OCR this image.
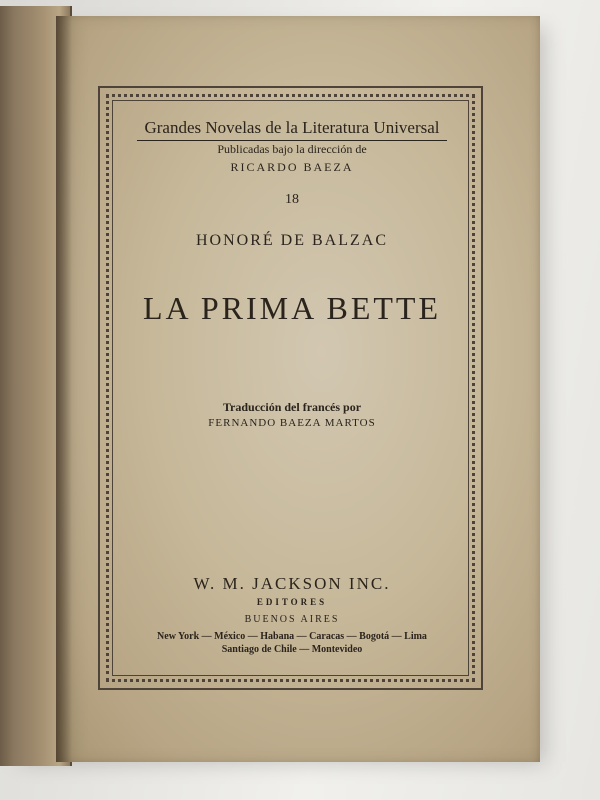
Grandes Novelas de la Literatura Universal
Publicadas bajo la dirección de
RICARDO BAEZA
18
HONORÉ DE BALZAC
LA PRIMA BETTE
Traducción del francés por
FERNANDO BAEZA MARTOS
W. M. JACKSON INC.
EDITORES
BUENOS AIRES
New York — México — Habana — Caracas — Bogotá — Lima
Santiago de Chile — Montevideo
